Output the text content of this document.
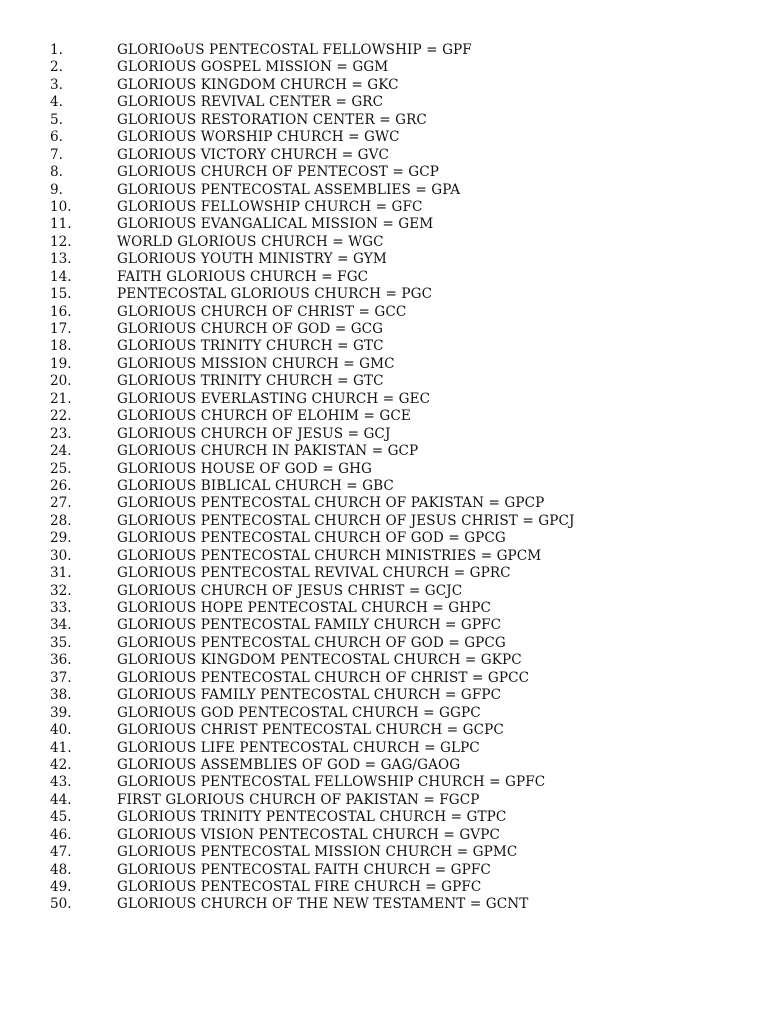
1.	GLORIOoUS PENTECOSTAL FELLOWSHIP = GPF
2.	GLORIOUS GOSPEL MISSION = GGM
3.	GLORIOUS KINGDOM CHURCH = GKC
4.	GLORIOUS REVIVAL CENTER = GRC
5.	GLORIOUS RESTORATION CENTER = GRC
6.	GLORIOUS WORSHIP CHURCH = GWC
7.	GLORIOUS VICTORY CHURCH = GVC
8.	GLORIOUS CHURCH OF PENTECOST = GCP
9.	GLORIOUS PENTECOSTAL ASSEMBLIES = GPA
10.	GLORIOUS FELLOWSHIP CHURCH = GFC
11.	GLORIOUS EVANGALICAL MISSION = GEM
12.	WORLD GLORIOUS CHURCH = WGC
13.	GLORIOUS YOUTH MINISTRY = GYM
14.	FAITH GLORIOUS CHURCH = FGC
15.	PENTECOSTAL GLORIOUS CHURCH = PGC
16.	GLORIOUS CHURCH OF CHRIST = GCC
17.	GLORIOUS CHURCH OF GOD = GCG
18.	GLORIOUS TRINITY CHURCH = GTC
19.	GLORIOUS MISSION CHURCH = GMC
20.	GLORIOUS TRINITY CHURCH = GTC
21.	GLORIOUS EVERLASTING CHURCH = GEC
22.	GLORIOUS CHURCH OF ELOHIM = GCE
23.	GLORIOUS CHURCH OF JESUS = GCJ
24.	GLORIOUS CHURCH IN PAKISTAN = GCP
25.	GLORIOUS HOUSE OF GOD = GHG
26.	GLORIOUS BIBLICAL CHURCH = GBC
27.	GLORIOUS PENTECOSTAL CHURCH OF PAKISTAN = GPCP
28.	GLORIOUS PENTECOSTAL CHURCH OF JESUS CHRIST = GPCJ
29.	GLORIOUS PENTECOSTAL CHURCH OF GOD = GPCG
30.	GLORIOUS PENTECOSTAL CHURCH MINISTRIES = GPCM
31.	GLORIOUS PENTECOSTAL REVIVAL CHURCH = GPRC
32.	GLORIOUS CHURCH OF JESUS CHRIST = GCJC
33.	GLORIOUS HOPE PENTECOSTAL CHURCH = GHPC
34.	GLORIOUS PENTECOSTAL FAMILY CHURCH = GPFC
35.	GLORIOUS PENTECOSTAL CHURCH OF GOD = GPCG
36.	GLORIOUS KINGDOM PENTECOSTAL CHURCH = GKPC
37.	GLORIOUS PENTECOSTAL CHURCH OF CHRIST = GPCC
38.	GLORIOUS FAMILY PENTECOSTAL CHURCH = GFPC
39.	GLORIOUS GOD PENTECOSTAL CHURCH = GGPC
40.	GLORIOUS CHRIST PENTECOSTAL CHURCH = GCPC
41.	GLORIOUS LIFE PENTECOSTAL CHURCH = GLPC
42.	GLORIOUS ASSEMBLIES OF GOD = GAG/GAOG
43.	GLORIOUS PENTECOSTAL FELLOWSHIP CHURCH = GPFC
44.	FIRST GLORIOUS CHURCH OF PAKISTAN = FGCP
45.	GLORIOUS TRINITY PENTECOSTAL CHURCH = GTPC
46.	GLORIOUS VISION PENTECOSTAL CHURCH = GVPC
47.	GLORIOUS PENTECOSTAL MISSION CHURCH = GPMC
48.	GLORIOUS PENTECOSTAL FAITH CHURCH = GPFC
49.	GLORIOUS PENTECOSTAL FIRE CHURCH = GPFC
50.	GLORIOUS CHURCH OF THE NEW TESTAMENT = GCNT
